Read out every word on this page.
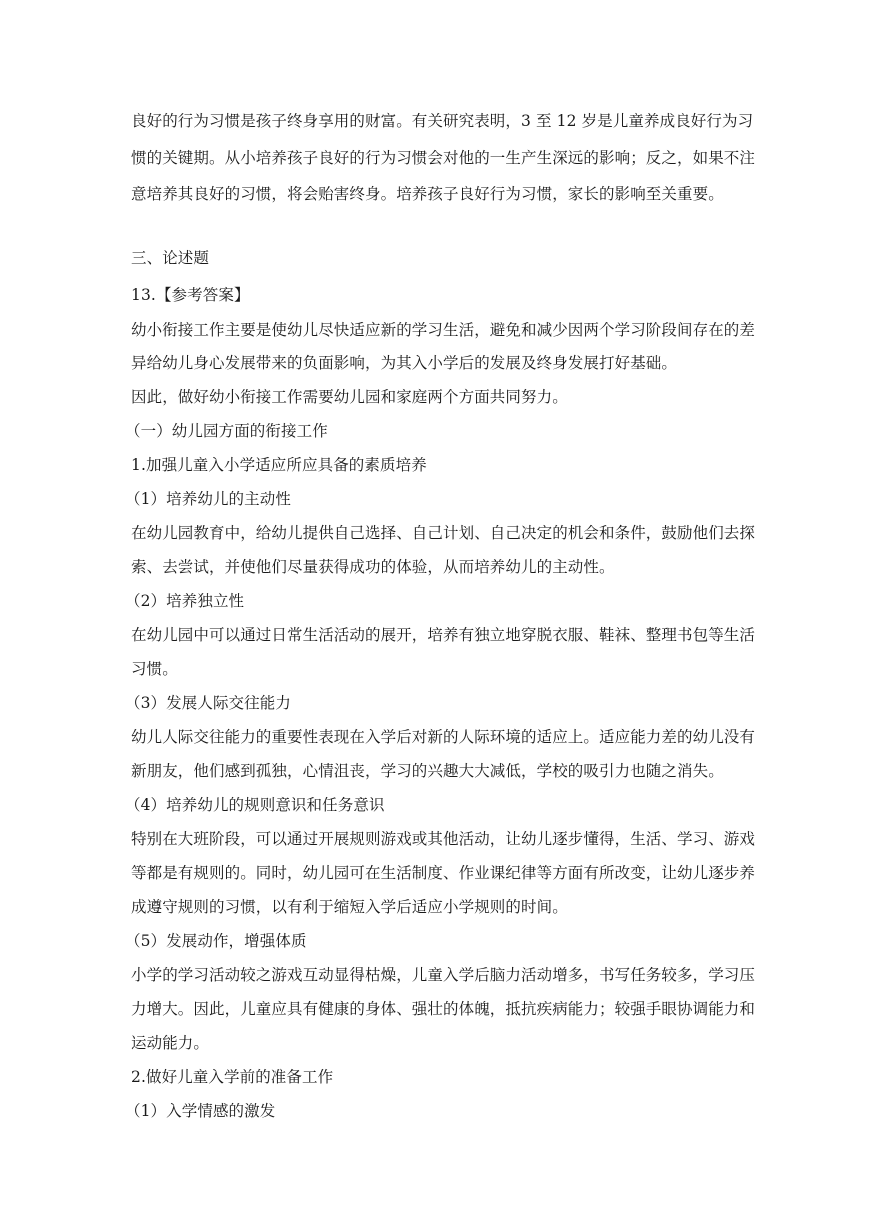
良好的行为习惯是孩子终身享用的财富。有关研究表明，3 至 12 岁是儿童养成良好行为习
惯的关键期。从小培养孩子良好的行为习惯会对他的一生产生深远的影响；反之，如果不注
意培养其良好的习惯，将会贻害终身。培养孩子良好行为习惯，家长的影响至关重要。
三、论述题
13.【参考答案】
幼小衔接工作主要是使幼儿尽快适应新的学习生活，避免和减少因两个学习阶段间存在的差
异给幼儿身心发展带来的负面影响，为其入小学后的发展及终身发展打好基础。
因此，做好幼小衔接工作需要幼儿园和家庭两个方面共同努力。
（一）幼儿园方面的衔接工作
1.加强儿童入小学适应所应具备的素质培养
（1）培养幼儿的主动性
在幼儿园教育中，给幼儿提供自己选择、自己计划、自己决定的机会和条件，鼓励他们去探
索、去尝试，并使他们尽量获得成功的体验，从而培养幼儿的主动性。
（2）培养独立性
在幼儿园中可以通过日常生活活动的展开，培养有独立地穿脱衣服、鞋袜、整理书包等生活
习惯。
（3）发展人际交往能力
幼儿人际交往能力的重要性表现在入学后对新的人际环境的适应上。适应能力差的幼儿没有
新朋友，他们感到孤独，心情沮丧，学习的兴趣大大减低，学校的吸引力也随之消失。
（4）培养幼儿的规则意识和任务意识
特别在大班阶段，可以通过开展规则游戏或其他活动，让幼儿逐步懂得，生活、学习、游戏
等都是有规则的。同时，幼儿园可在生活制度、作业课纪律等方面有所改变，让幼儿逐步养
成遵守规则的习惯，以有利于缩短入学后适应小学规则的时间。
（5）发展动作，增强体质
小学的学习活动较之游戏互动显得枯燥，儿童入学后脑力活动增多，书写任务较多，学习压
力增大。因此，儿童应具有健康的身体、强壮的体魄，抵抗疾病能力；较强手眼协调能力和
运动能力。
2.做好儿童入学前的准备工作
（1）入学情感的激发
